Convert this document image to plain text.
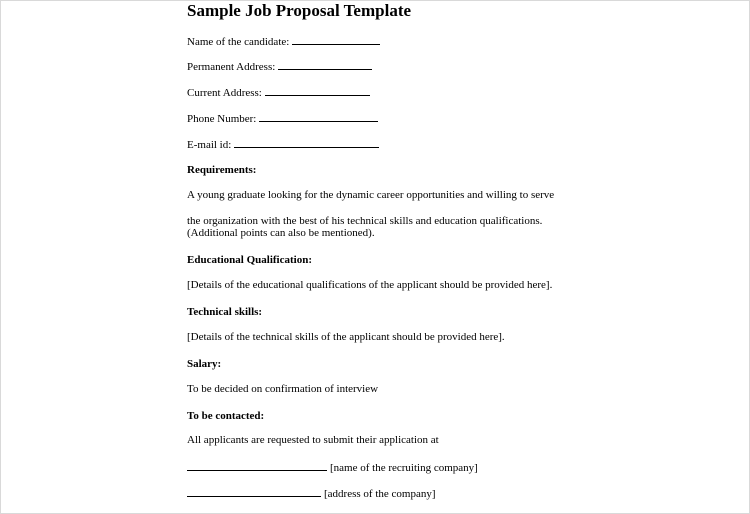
Sample Job Proposal Template
Name of the candidate:
Permanent Address:
Current Address:
Phone Number:
E-mail id:
Requirements:
A young graduate looking for the dynamic career opportunities and willing to serve
the organization with the best of his technical skills and education qualifications.
(Additional points can also be mentioned).
Educational Qualification:
[Details of the educational qualifications of the applicant should be provided here].
Technical skills:
[Details of the technical skills of the applicant should be provided here].
Salary:
To be decided on confirmation of interview
To be contacted:
All applicants are requested to submit their application at
[name of the recruiting company]
[address of the company]
